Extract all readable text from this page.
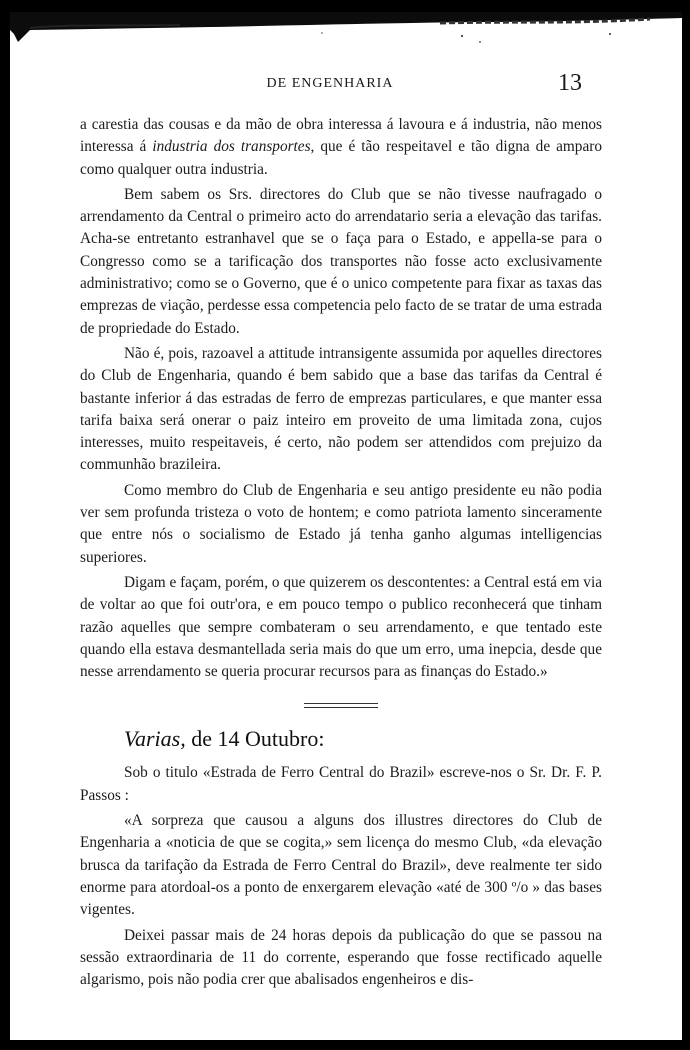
DE ENGENHARIA	13

a carestia das cousas e da mão de obra interessa á lavoura e á industria, não menos interessa á industria dos transportes, que é tão respeitavel e tão digna de amparo como qualquer outra industria.

Bem sabem os Srs. directores do Club que se não tivesse naufragado o arrendamento da Central o primeiro acto do arrendatario seria a elevação das tarifas. Acha-se entretanto estranhavel que se o faça para o Estado, e appella-se para o Congresso como se a tarificação dos transportes não fosse acto exclusivamente administrativo; como se o Governo, que é o unico competente para fixar as taxas das emprezas de viação, perdesse essa competencia pelo facto de se tratar de uma estrada de propriedade do Estado.

Não é, pois, razoavel a attitude intransigente assumida por aquelles directores do Club de Engenharia, quando é bem sabido que a base das tarifas da Central é bastante inferior á das estradas de ferro de emprezas particulares, e que manter essa tarifa baixa será onerar o paiz inteiro em proveito de uma limitada zona, cujos interesses, muito respeitaveis, é certo, não podem ser attendidos com prejuizo da communhão brazileira.

Como membro do Club de Engenharia e seu antigo presidente eu não podia ver sem profunda tristeza o voto de hontem; e como patriota lamento sinceramente que entre nós o socialismo de Estado já tenha ganho algumas intelligencias superiores.

Digam e façam, porém, o que quizerem os descontentes: a Central está em via de voltar ao que foi outr'ora, e em pouco tempo o publico reconhecerá que tinham razão aquelles que sempre combateram o seu arrendamento, e que tentado este quando ella estava desmantellada seria mais do que um erro, uma inepcia, desde que nesse arrendamento se queria procurar recursos para as finanças do Estado.»

Varias, de 14 Outubro:

Sob o titulo «Estrada de Ferro Central do Brazil» escreve-nos o Sr. Dr. F. P. Passos :

«A sorpreza que causou a alguns dos illustres directores do Club de Engenharia a «noticia de que se cogita,» sem licença do mesmo Club, «da elevação brusca da tarifação da Estrada de Ferro Central do Brazil», deve realmente ter sido enorme para atordoal-os a ponto de enxergarem elevação «até de 300 º/o » das bases vigentes.

Deixei passar mais de 24 horas depois da publicação do que se passou na sessão extraordinaria de 11 do corrente, esperando que fosse rectificado aquelle algarismo, pois não podia crer que abalisados engenheiros e dis-
